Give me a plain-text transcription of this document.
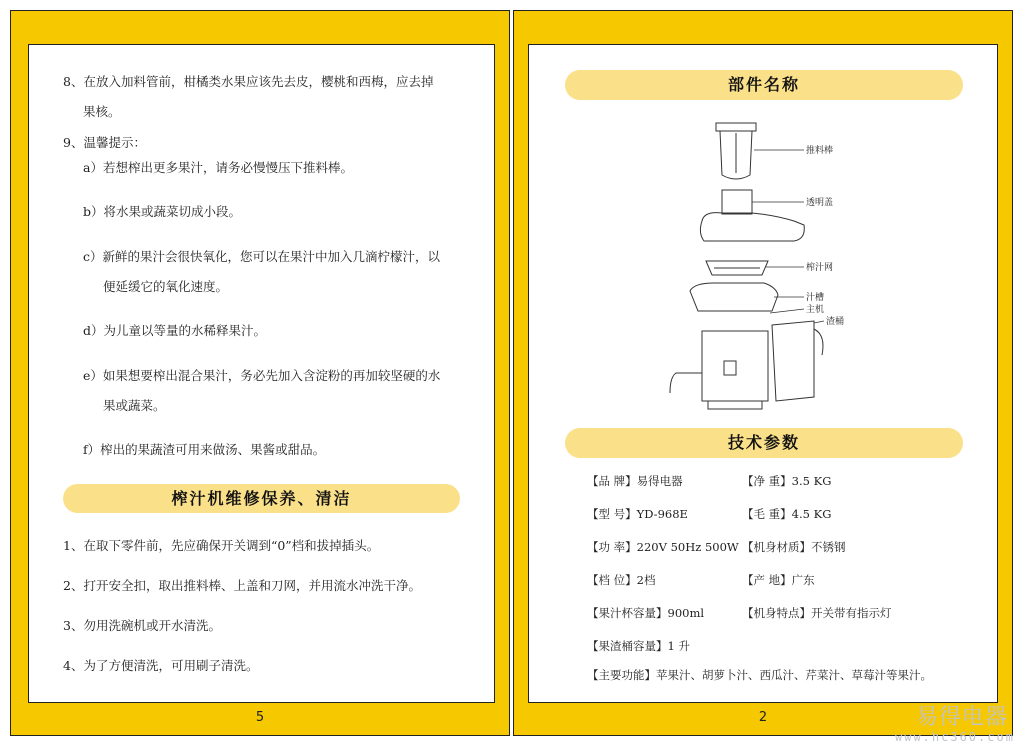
8、在放入加料管前，柑橘类水果应该先去皮，樱桃和西梅，应去掉
果核。
9、温馨提示：
a）若想榨出更多果汁，请务必慢慢压下推料棒。
b）将水果或蔬菜切成小段。
c）新鲜的果汁会很快氧化，您可以在果汁中加入几滴柠檬汁，以
便延缓它的氧化速度。
d）为儿童以等量的水稀释果汁。
e）如果想要榨出混合果汁，务必先加入含淀粉的再加较坚硬的水
果或蔬菜。
f）榨出的果蔬渣可用来做汤、果酱或甜品。
榨汁机维修保养、清洁
1、在取下零件前，先应确保开关调到“0”档和拔掉插头。
2、打开安全扣，取出推料棒、上盖和刀网，并用流水冲洗干净。
3、勿用洗碗机或开水清洗。
4、为了方便清洗，可用刷子清洗。
5
部件名称
推料棒
透明盖
榨汁网
汁槽
主机
渣桶
技术参数
【品 牌】易得电器	【净 重】3.5 KG
【型 号】YD-968E	【毛 重】4.5 KG
【功 率】220V 50Hz 500W 【机身材质】不锈钢
【档 位】2档	【产 地】广东
【果汁杯容量】900ml	【机身特点】开关带有指示灯
【果渣桶容量】1 升
【主要功能】苹果汁、胡萝卜汁、西瓜汁、芹菜汁、草莓汁等果汁。
2	易得电器
www.hc360.com
